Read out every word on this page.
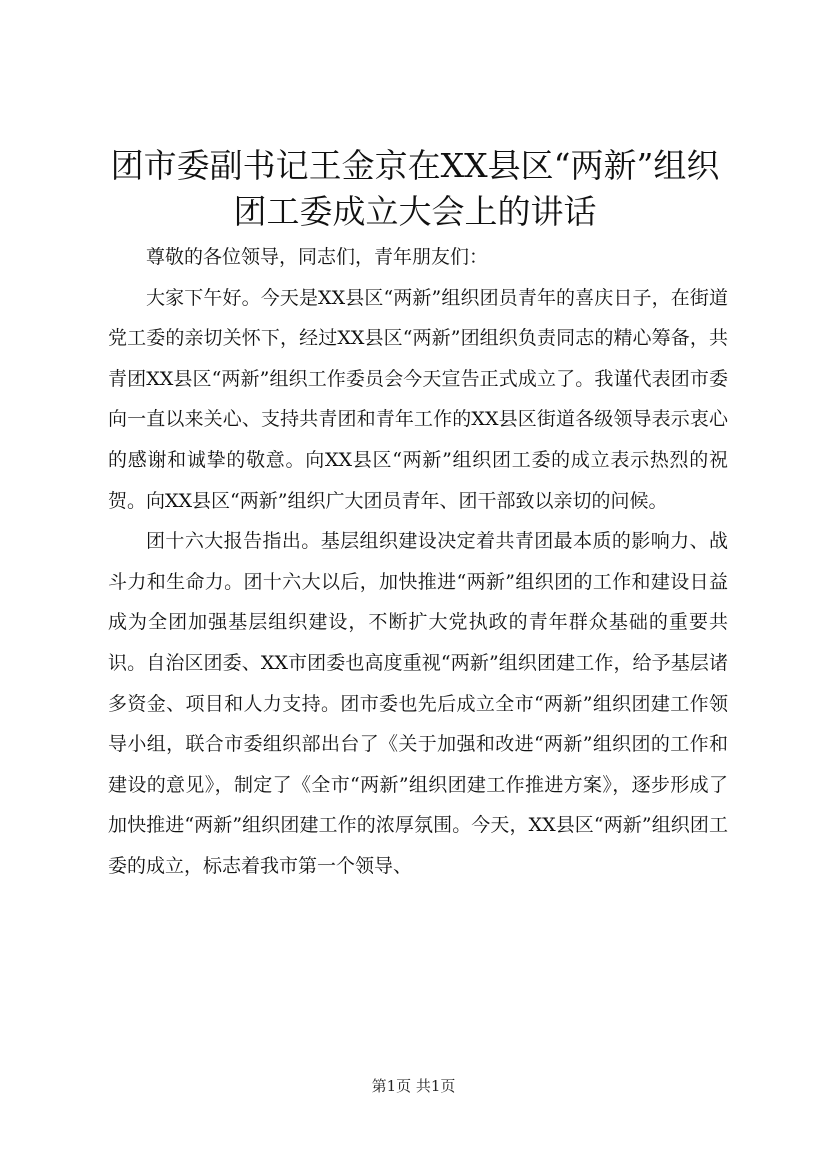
团市委副书记王金京在XX县区“两新”组织
团工委成立大会上的讲话

尊敬的各位领导，同志们，青年朋友们：

大家下午好。今天是XX县区“两新”组织团员青年的喜庆日子，在街道党工委的亲切关怀下，经过XX县区“两新”团组织负责同志的精心筹备，共青团XX县区“两新”组织工作委员会今天宣告正式成立了。我谨代表团市委向一直以来关心、支持共青团和青年工作的XX县区街道各级领导表示衷心的感谢和诚挚的敬意。向XX县区“两新”组织团工委的成立表示热烈的祝贺。向XX县区“两新”组织广大团员青年、团干部致以亲切的问候。

团十六大报告指出。基层组织建设决定着共青团最本质的影响力、战斗力和生命力。团十六大以后，加快推进“两新”组织团的工作和建设日益成为全团加强基层组织建设，不断扩大党执政的青年群众基础的重要共识。自治区团委、XX市团委也高度重视“两新”组织团建工作，给予基层诸多资金、项目和人力支持。团市委也先后成立全市“两新”组织团建工作领导小组，联合市委组织部出台了《关于加强和改进“两新”组织团的工作和建设的意见》，制定了《全市“两新”组织团建工作推进方案》，逐步形成了加快推进“两新”组织团建工作的浓厚氛围。今天，XX县区“两新”组织团工委的成立，标志着我市第一个领导、

第1页 共1页
